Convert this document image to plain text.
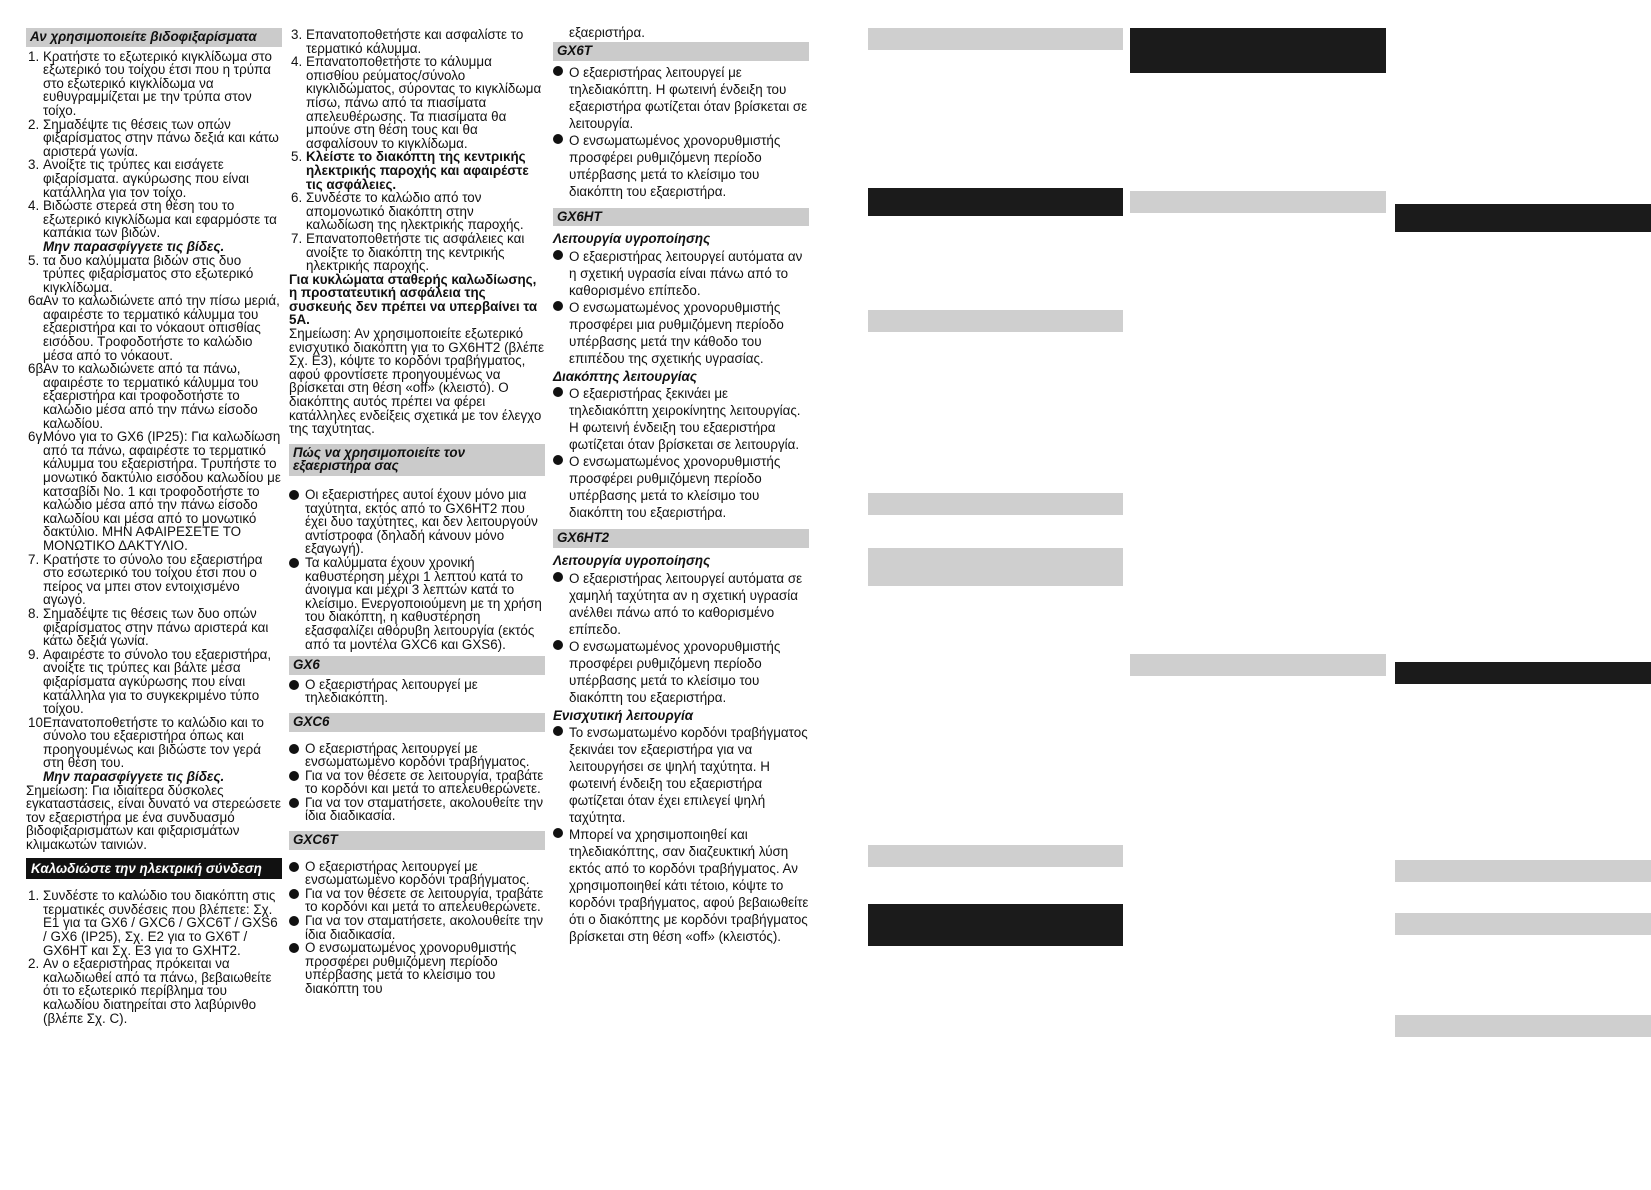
Αν χρησιμοποιείτε βιδοφιξαρίσματα
1. Κρατήστε το εξωτερικό κιγκλίδωμα στο εξωτερικό του τοίχου έτσι που η τρύπα στο εξωτερικό κιγκλίδωμα να ευθυγραμμίζεται με την τρύπα στον τοίχο.
2. Σημαδέψτε τις θέσεις των οπών φιξαρίσματος στην πάνω δεξιά και κάτω αριστερά γωνία.
3. Ανοίξτε τις τρύπες και εισάγετε φιξαρίσματα. αγκύρωσης που είναι κατάλληλα για τον τοίχο.
4. Βιδώστε στερεά στη θέση του το εξωτερικό κιγκλίδωμα και εφαρμόστε τα καπάκια των βιδών.
Μην παρασφίγγετε τις βίδες.
5. τα δυο καλύμματα βιδών στις δυο τρύπες φιξαρίσματος στο εξωτερικό κιγκλίδωμα.
6α.
Αν το καλωδιώνετε από την πίσω μεριά, αφαιρέστε το τερματικό κάλυμμα του εξαεριστήρα και το νόκαουτ οπισθίας εισόδου. Τροφοδοτήστε το καλώδιο μέσα από το νόκαουτ.
6β.
Αν το καλωδιώνετε από τα πάνω, αφαιρέστε το τερματικό κάλυμμα του εξαεριστήρα και τροφοδοτήστε το καλώδιο μέσα από την πάνω είσοδο καλωδίου.
6γ.
Μόνο για το GX6 (IP25): Για καλωδίωση από τα πάνω, αφαιρέστε το τερματικό κάλυμμα του εξαεριστήρα. Τρυπήστε το μονωτικό δακτύλιο εισόδου καλωδίου με κατσαβίδι No. 1 και τροφοδοτήστε το καλώδιο μέσα από την πάνω είσοδο καλωδίου και μέσα από το μονωτικό δακτύλιο. ΜΗΝ ΑΦΑΙΡΕΣΕΤΕ ΤΟ ΜΟΝΩΤΙΚΟ ΔΑΚΤΥΛΙΟ.
7. Κρατήστε το σύνολο του εξαεριστήρα στο εσωτερικό του τοίχου έτσι που ο πείρος να μπει στον εντοιχισμένο αγωγό.
8. Σημαδέψτε τις θέσεις των δυο οπών φιξαρίσματος στην πάνω αριστερά και κάτω δεξιά γωνία.
9. Αφαιρέστε το σύνολο του εξαεριστήρα, ανοίξτε τις τρύπες και βάλτε μέσα φιξαρίσματα αγκύρωσης που είναι κατάλληλα για το συγκεκριμένο τύπο τοίχου.
10.
Επανατοποθετήστε το καλώδιο και το σύνολο του εξαεριστήρα όπως και προηγουμένως και βιδώστε τον γερά στη θέση του.
Μην παρασφίγγετε τις βίδες.
Σημείωση: Για ιδιαίτερα δύσκολες εγκαταστάσεις, είναι δυνατό να στερεώσετε τον εξαεριστήρα με ένα συνδυασμό βιδοφιξαρισμάτων και φιξαρισμάτων κλιμακωτών ταινιών.
Καλωδιώστε την ηλεκτρική σύνδεση
1. Συνδέστε το καλώδιο του διακόπτη στις τερματικές συνδέσεις που βλέπετε: Σχ. Ε1 για τα GX6 / GXC6 / GXC6T / GXS6 / GX6 (IP25), Σχ. Ε2 για το GX6T / GX6HT και Σχ. Ε3 για το GXHT2.
2. Αν ο εξαεριστήρας πρόκειται να καλωδιωθεί από τα πάνω, βεβαιωθείτε ότι το εξωτερικό περίβλημα του καλωδίου διατηρείται στο λαβύρινθο (βλέπε Σχ. C).
3. Επανατοποθετήστε και ασφαλίστε το τερματικό κάλυμμα.
4. Επανατοποθετήστε το κάλυμμα οπισθίου ρεύματος/σύνολο κιγκλιδώματος, σύροντας το κιγκλίδωμα πίσω, πάνω από τα πιασίματα απελευθέρωσης. Τα πιασίματα θα μπούνε στη θέση τους και θα ασφαλίσουν το κιγκλίδωμα.
5. Κλείστε το διακόπτη της κεντρικής ηλεκτρικής παροχής και αφαιρέστε τις ασφάλειες.
6. Συνδέστε το καλώδιο από τον απομονωτικό διακόπτη στην καλωδίωση της ηλεκτρικής παροχής.
7. Επανατοποθετήστε τις ασφάλειες και ανοίξτε το διακόπτη της κεντρικής ηλεκτρικής παροχής.
Για κυκλώματα σταθερής καλωδίωσης, η προστατευτική ασφάλεια της συσκευής δεν πρέπει να υπερβαίνει τα 5Α.
Σημείωση: Αν χρησιμοποιείτε εξωτερικό ενισχυτικό διακόπτη για το GX6HT2 (βλέπε Σχ. Ε3), κόψτε το κορδόνι τραβήγματος, αφού φροντίσετε προηγουμένως να βρίσκεται στη θέση «off» (κλειστό). Ο διακόπτης αυτός πρέπει να φέρει κατάλληλες ενδείξεις σχετικά με τον έλεγχο της ταχύτητας.
Πώς να χρησιμοποιείτε τον εξαεριστήρα σας
Οι εξαεριστήρες αυτοί έχουν μόνο μια ταχύτητα, εκτός από το GX6HT2 που έχει δυο ταχύτητες, και δεν λειτουργούν αντίστροφα (δηλαδή κάνουν μόνο εξαγωγή).
Τα καλύμματα έχουν χρονική καθυστέρηση μέχρι 1 λεπτού κατά το άνοιγμα και μέχρι 3 λεπτών κατά το κλείσιμο. Ενεργοποιούμενη με τη χρήση του διακόπτη, η καθυστέρηση εξασφαλίζει αθόρυβη λειτουργία (εκτός από τα μοντέλα GXC6 και GXS6).
GX6
Ο εξαεριστήρας λειτουργεί με τηλεδιακόπτη.
GXC6
Ο εξαεριστήρας λειτουργεί με ενσωματωμένο κορδόνι τραβήγματος.
Για να τον θέσετε σε λειτουργία, τραβάτε το κορδόνι και μετά το απελευθερώνετε.
Για να τον σταματήσετε, ακολουθείτε την ίδια διαδικασία.
GXC6T
Ο εξαεριστήρας λειτουργεί με ενσωματωμένο κορδόνι τραβήγματος.
Για να τον θέσετε σε λειτουργία, τραβάτε το κορδόνι και μετά το απελευθερώνετε.
Για να τον σταματήσετε, ακολουθείτε την ίδια διαδικασία.
Ο ενσωματωμένος χρονορυθμιστής προσφέρει ρυθμιζόμενη περίοδο υπέρβασης μετά το κλείσιμο του διακόπτη του
εξαεριστήρα.
GX6T
Ο εξαεριστήρας λειτουργεί με τηλεδιακόπτη. Η φωτεινή ένδειξη του εξαεριστήρα φωτίζεται όταν βρίσκεται σε λειτουργία.
Ο ενσωματωμένος χρονορυθμιστής προσφέρει ρυθμιζόμενη περίοδο υπέρβασης μετά το κλείσιμο του διακόπτη του εξαεριστήρα.
GX6HT
Λειτουργία υγροποίησης
Ο εξαεριστήρας λειτουργεί αυτόματα αν η σχετική υγρασία είναι πάνω από το καθορισμένο επίπεδο.
Ο ενσωματωμένος χρονορυθμιστής προσφέρει μια ρυθμιζόμενη περίοδο υπέρβασης μετά την κάθοδο του επιπέδου της σχετικής υγρασίας.
Διακόπτης λειτουργίας
Ο εξαεριστήρας ξεκινάει με τηλεδιακόπτη χειροκίνητης λειτουργίας. Η φωτεινή ένδειξη του εξαεριστήρα φωτίζεται όταν βρίσκεται σε λειτουργία.
Ο ενσωματωμένος χρονορυθμιστής προσφέρει ρυθμιζόμενη περίοδο υπέρβασης μετά το κλείσιμο του διακόπτη του εξαεριστήρα.
GX6HT2
Λειτουργία υγροποίησης
Ο εξαεριστήρας λειτουργεί αυτόματα σε χαμηλή ταχύτητα αν η σχετική υγρασία ανέλθει πάνω από το καθορισμένο επίπεδο.
Ο ενσωματωμένος χρονορυθμιστής προσφέρει ρυθμιζόμενη περίοδο υπέρβασης μετά το κλείσιμο του διακόπτη του εξαεριστήρα.
Ενισχυτική λειτουργία
Το ενσωματωμένο κορδόνι τραβήγματος ξεκινάει τον εξαεριστήρα για να λειτουργήσει σε ψηλή ταχύτητα. Η φωτεινή ένδειξη του εξαεριστήρα φωτίζεται όταν έχει επιλεγεί ψηλή ταχύτητα.
Μπορεί να χρησιμοποιηθεί και τηλεδιακόπτης, σαν διαζευκτική λύση εκτός από το κορδόνι τραβήγματος. Αν χρησιμοποιηθεί κάτι τέτοιο, κόψτε το κορδόνι τραβήγματος, αφού βεβαιωθείτε ότι ο διακόπτης με κορδόνι τραβήγματος βρίσκεται στη θέση «off» (κλειστός).
